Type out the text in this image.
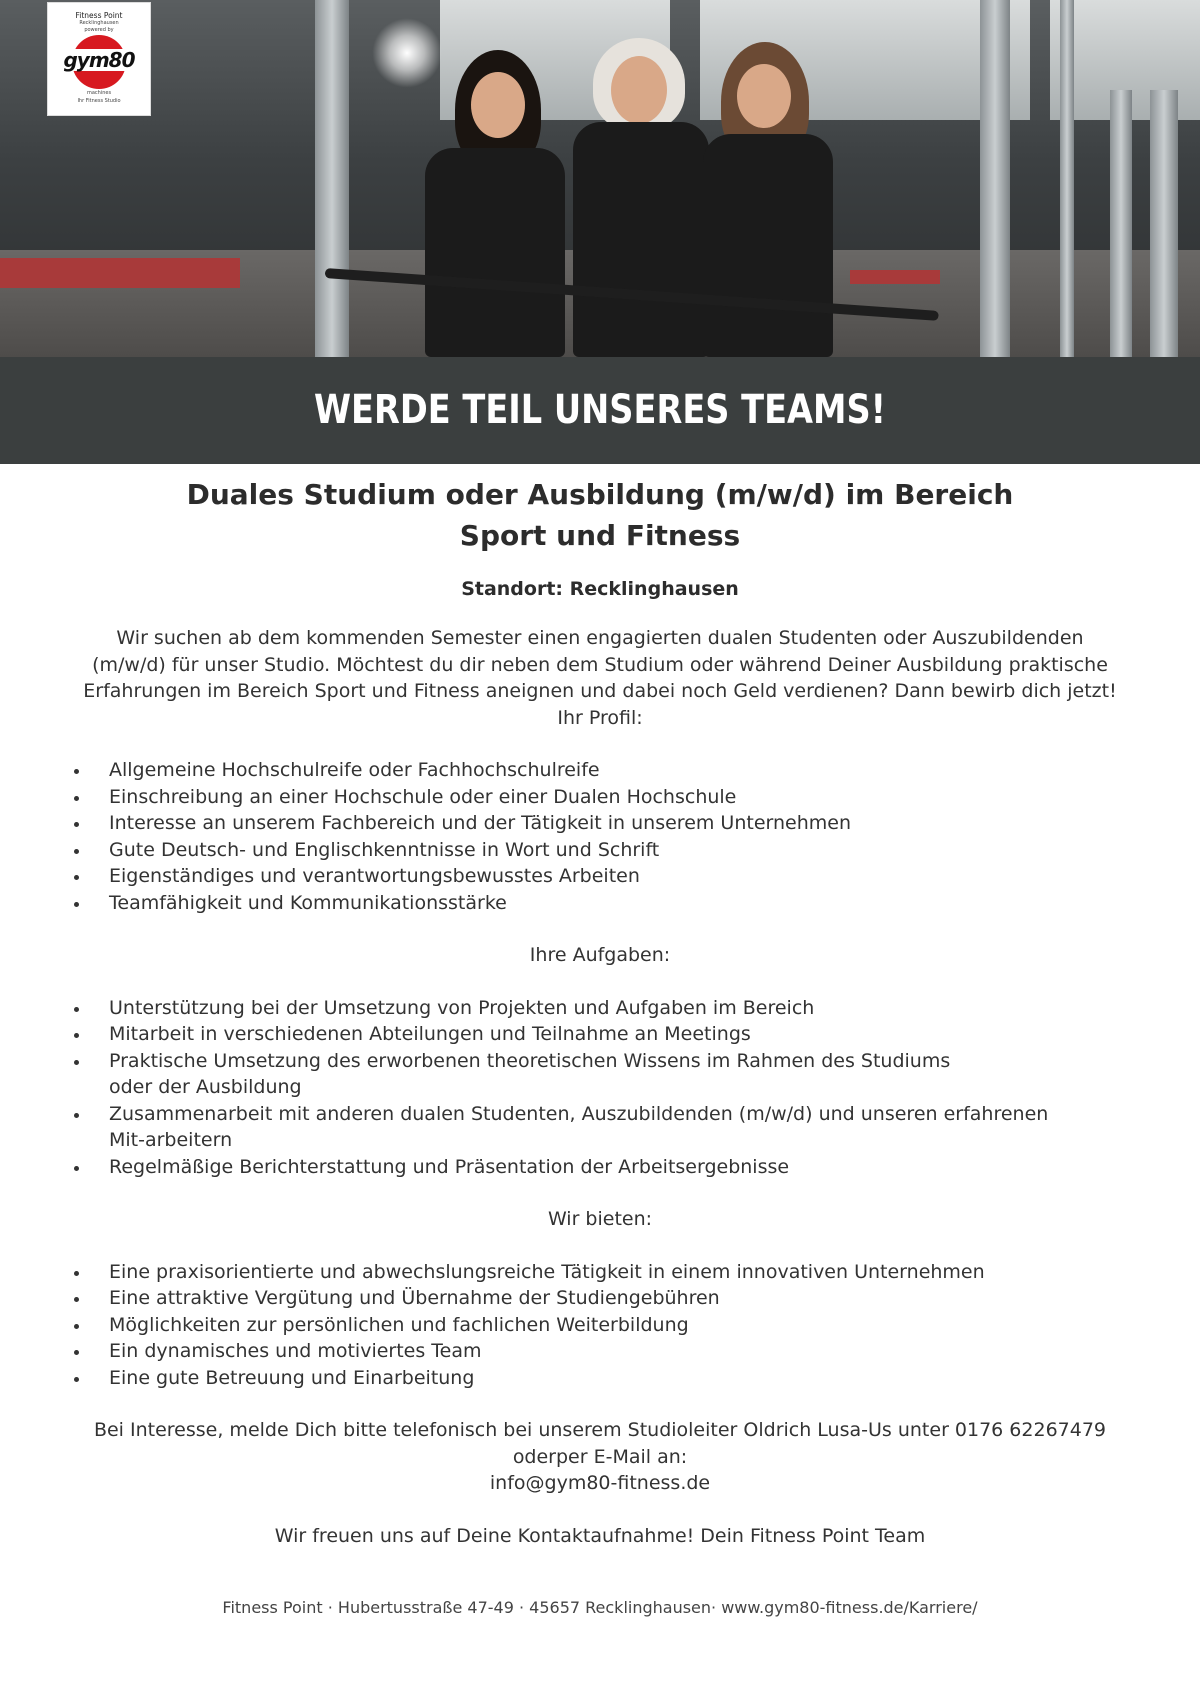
Fitness Point
Recklinghausen
powered by
gym80
machines
Ihr Fitness Studio
WERDE TEIL UNSERES TEAMS!
Duales Studium oder Ausbildung (m/w/d) im Bereich
Sport und Fitness
Standort: Recklinghausen
Wir suchen ab dem kommenden Semester einen engagierten dualen Studenten oder Auszubildenden
(m/w/d) für unser Studio. Möchtest du dir neben dem Studium oder während Deiner Ausbildung praktische
Erfahrungen im Bereich Sport und Fitness aneignen und dabei noch Geld verdienen? Dann bewirb dich jetzt!
Ihr Profil:
Allgemeine Hochschulreife oder Fachhochschulreife
Einschreibung an einer Hochschule oder einer Dualen Hochschule
Interesse an unserem Fachbereich und der Tätigkeit in unserem Unternehmen
Gute Deutsch- und Englischkenntnisse in Wort und Schrift
Eigenständiges und verantwortungsbewusstes Arbeiten
Teamfähigkeit und Kommunikationsstärke
Ihre Aufgaben:
Unterstützung bei der Umsetzung von Projekten und Aufgaben im Bereich
Mitarbeit in verschiedenen Abteilungen und Teilnahme an Meetings
Praktische Umsetzung des erworbenen theoretischen Wissens im Rahmen des Studiums oder der Ausbildung
Zusammenarbeit mit anderen dualen Studenten, Auszubildenden (m/w/d) und unseren erfahrenen Mit-arbeitern
Regelmäßige Berichterstattung und Präsentation der Arbeitsergebnisse
Wir bieten:
Eine praxisorientierte und abwechslungsreiche Tätigkeit in einem innovativen Unternehmen
Eine attraktive Vergütung und Übernahme der Studiengebühren
Möglichkeiten zur persönlichen und fachlichen Weiterbildung
Ein dynamisches und motiviertes Team
Eine gute Betreuung und Einarbeitung
Bei Interesse, melde Dich bitte telefonisch bei unserem Studioleiter Oldrich Lusa-Us unter 0176 62267479
oderper E-Mail an:
info@gym80-fitness.de
Wir freuen uns auf Deine Kontaktaufnahme! Dein Fitness Point Team
Fitness Point · Hubertusstraße 47-49 · 45657 Recklinghausen· www.gym80-fitness.de/Karriere/
